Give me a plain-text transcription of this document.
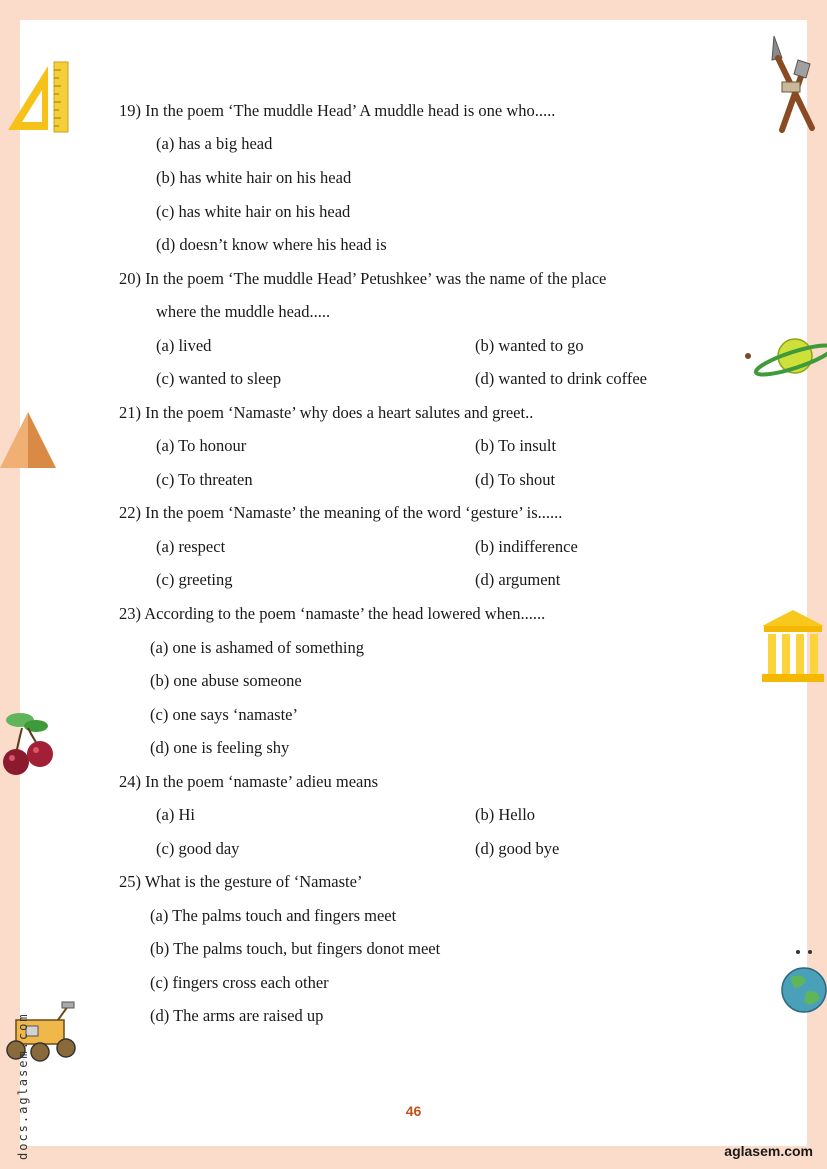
19) In the poem ‘The muddle Head’ A muddle head is one who.....
(a) has a big head
(b) has white hair on his head
(c) has white hair on his head
(d) doesn’t know where his head is
20) In the poem ‘The muddle Head’ Petushkee’ was the name of the place
where the muddle head.....
(a) lived	(b) wanted to go
(c) wanted to sleep	(d) wanted to drink coffee
21) In the poem ‘Namaste’ why does a heart salutes and greet..
(a) To honour	(b) To insult
(c) To threaten	(d) To shout
22) In the poem ‘Namaste’ the meaning of the word ‘gesture’ is......
(a) respect	(b) indifference
(c) greeting	(d) argument
23) According to the poem ‘namaste’ the head lowered when......
(a) one is ashamed of something
(b) one abuse someone
(c) one says ‘namaste’
(d) one is feeling shy
24) In the poem ‘namaste’ adieu means
(a) Hi	(b) Hello
(c) good day	(d) good bye
25) What is the gesture of ‘Namaste’
(a) The palms touch and fingers meet
(b) The palms touch, but fingers donot meet
(c) fingers cross each other
(d) The arms are raised up
46
aglasem.com
docs.aglasem.com
